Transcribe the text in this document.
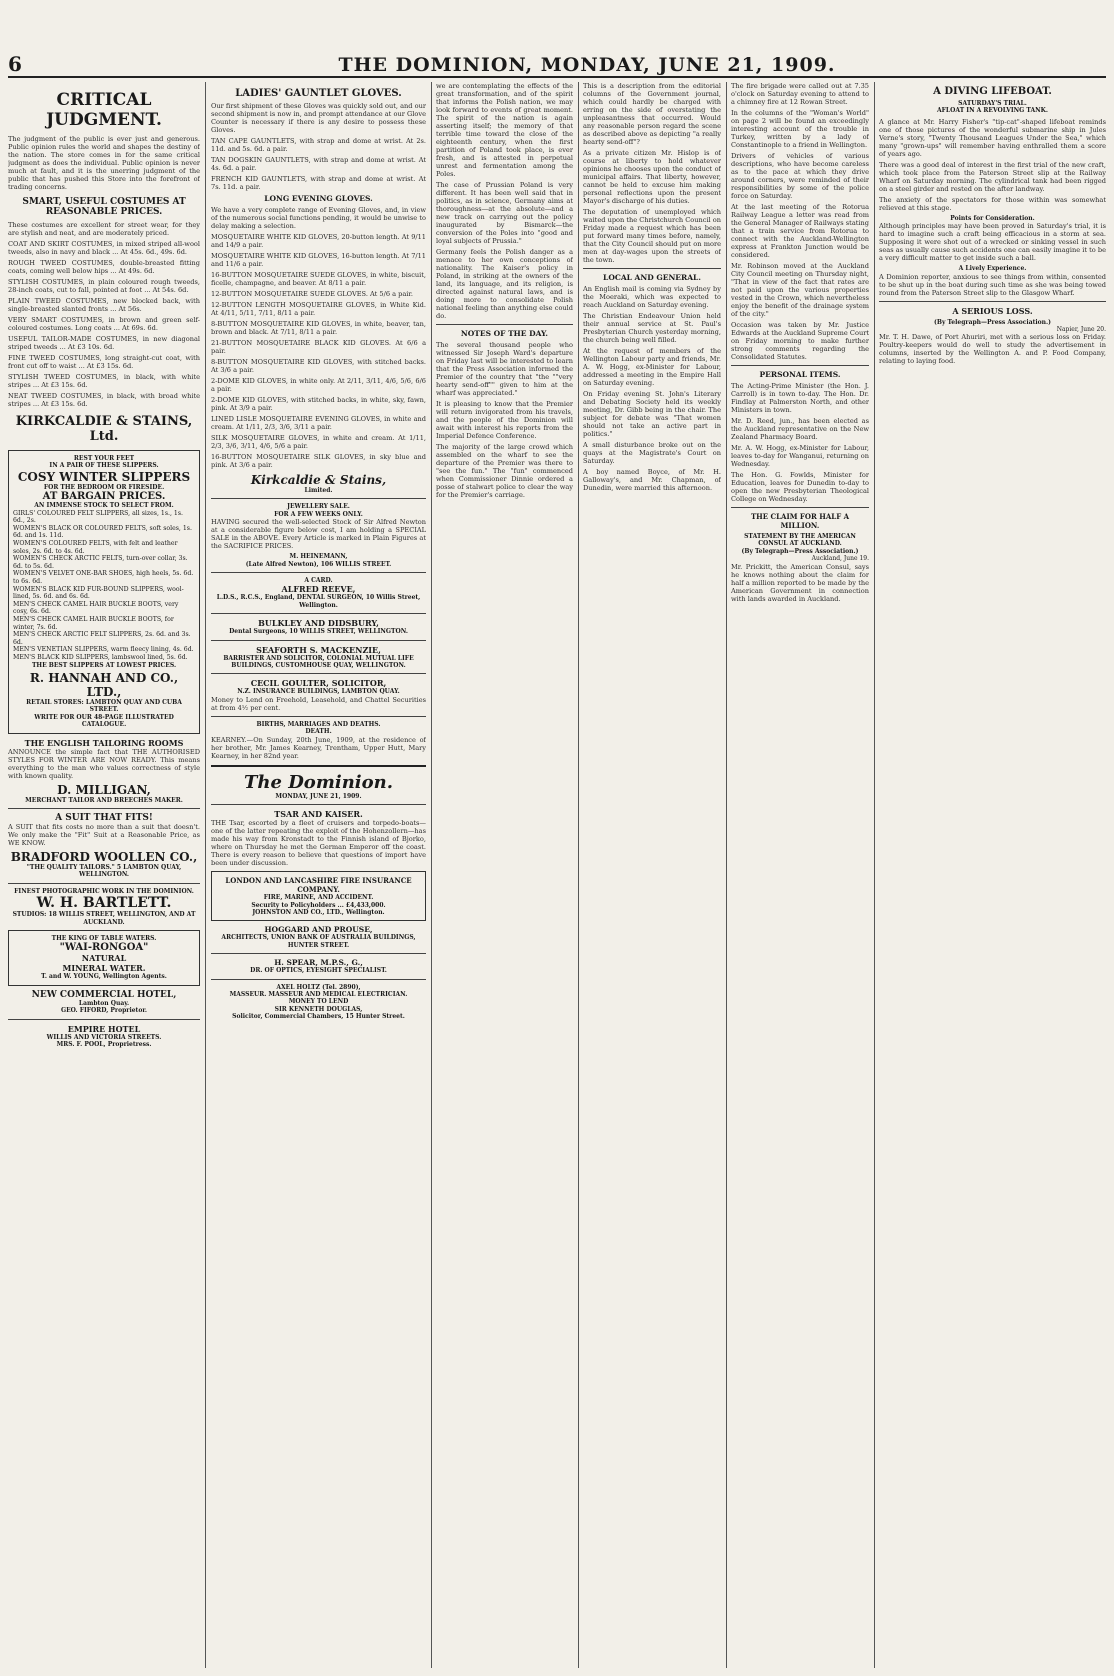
6	THE DOMINION, MONDAY, JUNE 21, 1909.
CRITICAL JUDGMENT.

The judgment of the public is ever just and generous. Public opinion rules the world and shapes the destiny of the nation. The store comes in for the same critical judgment as does the individual. Public opinion is never much at fault, and it is the unerring judgment of the public that has pushed this Store into the forefront of trading concerns.

SMART, USEFUL COSTUMES AT
REASONABLE PRICES.

These costumes are excellent for street wear, for they are stylish and neat, and are moderately priced.

COAT AND SKIRT COSTUMES, in mixed striped all-wool tweeds, also in navy and black ... At 45s. 6d., 49s. 6d.

ROUGH TWEED COSTUMES, double-breasted fitting coats, coming well below hips ... At 49s. 6d.

STYLISH COSTUMES, in plain coloured rough tweeds, 28-inch coats, cut to fall, pointed at foot ... At 54s. 6d.

PLAIN TWEED COSTUMES, new blocked back, with single-breasted slanted fronts ... At 56s.

VERY SMART COSTUMES, in brown and green self-coloured costumes. Long coats ... At 69s. 6d.

USEFUL TAILOR-MADE COSTUMES, in new diagonal striped tweeds ... At £3 10s. 6d.

FINE TWEED COSTUMES, long straight-cut coat, with front cut off to waist ... At £3 15s. 6d.

STYLISH TWEED COSTUMES, in black, with white stripes ... At £3 15s. 6d.

NEAT TWEED COSTUMES, in black, with broad white stripes ... At £3 15s. 6d.

KIRKCALDIE & STAINS, Ltd.
REST YOUR FEET
IN A PAIR OF THESE SLIPPERS.
COSY WINTER SLIPPERS
FOR THE BEDROOM OR FIRESIDE.
AT BARGAIN PRICES.
AN IMMENSE STOCK TO SELECT FROM.

GIRLS' COLOURED FELT SLIPPERS, all sizes, 1s., 1s. 6d., 2s.

WOMEN'S BLACK OR COLOURED FELTS, soft soles, 1s. 6d. and 1s. 11d.

WOMEN'S COLOURED FELTS, with felt and leather soles, 2s. 6d. to 4s. 6d.

WOMEN'S CHECK ARCTIC FELTS, turn-over collar, 3s. 6d. to 5s. 6d.

WOMEN'S VELVET ONE-BAR SHOES, high heels, 5s. 6d. to 6s. 6d.

WOMEN'S BLACK KID FUR-BOUND SLIPPERS, wool-lined, 5s. 6d. and 6s. 6d.

MEN'S CHECK CAMEL HAIR BUCKLE BOOTS, very cosy, 6s. 6d.

MEN'S CHECK CAMEL HAIR BUCKLE BOOTS, for winter, 7s. 6d.

MEN'S CHECK ARCTIC FELT SLIPPERS, 2s. 6d. and 3s. 6d.

MEN'S VENETIAN SLIPPERS, warm fleecy lining, 4s. 6d.

MEN'S BLACK KID SLIPPERS, lambswool lined, 5s. 6d.

THE BEST SLIPPERS AT LOWEST PRICES.
R. HANNAH AND CO., LTD.,
RETAIL STORES: LAMBTON QUAY AND CUBA STREET.
WRITE FOR OUR 48-PAGE ILLUSTRATED CATALOGUE.
THE ENGLISH TAILORING ROOMS

ANNOUNCE the simple fact that THE AUTHORISED STYLES FOR WINTER ARE NOW READY. This means everything to the man who values correctness of style with known quality.

D. MILLIGAN,
MERCHANT TAILOR AND BREECHES MAKER.
A SUIT THAT FITS!

A SUIT that fits costs no more than a suit that doesn't. We only make the "Fit" Suit at a Reasonable Price, as WE KNOW.

BRADFORD WOOLLEN CO.,
"THE QUALITY TAILORS." 5 LAMBTON QUAY, WELLINGTON.
FINEST PHOTOGRAPHIC WORK IN THE DOMINION.
W. H. BARTLETT.
STUDIOS: 18 WILLIS STREET, WELLINGTON, AND AT AUCKLAND.
THE KING OF TABLE WATERS.
"WAI-RONGOA"
NATURAL
MINERAL WATER.
T. and W. YOUNG, Wellington Agents.
NEW COMMERCIAL HOTEL,
Lambton Quay.
GEO. FIFORD, Proprietor.
EMPIRE HOTEL
WILLIS AND VICTORIA STREETS.
MRS. F. POOL, Proprietress.
LADIES' GAUNTLET GLOVES.

Our first shipment of these Gloves was quickly sold out, and our second shipment is now in, and prompt attendance at our Glove Counter is necessary if there is any desire to possess these Gloves.

TAN CAPE GAUNTLETS, with strap and dome at wrist. At 2s. 11d. and 5s. 6d. a pair.

TAN DOGSKIN GAUNTLETS, with strap and dome at wrist. At 4s. 6d. a pair.

FRENCH KID GAUNTLETS, with strap and dome at wrist. At 7s. 11d. a pair.

LONG EVENING GLOVES.

We have a very complete range of Evening Gloves, and, in view of the numerous social functions pending, it would be unwise to delay making a selection.

MOSQUETAIRE WHITE KID GLOVES, 20-button length. At 9/11 and 14/9 a pair.

MOSQUETAIRE WHITE KID GLOVES, 16-button length. At 7/11 and 11/6 a pair.

16-BUTTON MOSQUETAIRE SUEDE GLOVES, in white, biscuit, ficelle, champagne, and beaver. At 8/11 a pair.

12-BUTTON MOSQUETAIRE SUEDE GLOVES. At 5/6 a pair.

12-BUTTON LENGTH MOSQUETAIRE GLOVES, in White Kid. At 4/11, 5/11, 7/11, 8/11 a pair.

8-BUTTON MOSQUETAIRE KID GLOVES, in white, beaver, tan, brown and black. At 7/11, 8/11 a pair.

21-BUTTON MOSQUETAIRE BLACK KID GLOVES. At 6/6 a pair.

8-BUTTON MOSQUETAIRE KID GLOVES, with stitched backs. At 3/6 a pair.

2-DOME KID GLOVES, in white only. At 2/11, 3/11, 4/6, 5/6, 6/6 a pair.

2-DOME KID GLOVES, with stitched backs, in white, sky, fawn, pink. At 3/9 a pair.

LINED LISLE MOSQUETAIRE EVENING GLOVES, in white and cream. At 1/11, 2/3, 3/6, 3/11 a pair.

SILK MOSQUETAIRE GLOVES, in white and cream. At 1/11, 2/3, 3/6, 3/11, 4/6, 5/6 a pair.

16-BUTTON MOSQUETAIRE SILK GLOVES, in sky blue and pink. At 3/6 a pair.

Kirkcaldie & Stains,
Limited.
JEWELLERY SALE.
FOR A FEW WEEKS ONLY.

HAVING secured the well-selected Stock of Sir Alfred Newton at a considerable figure below cost, I am holding a SPECIAL SALE in the ABOVE. Every Article is marked in Plain Figures at the SACRIFICE PRICES.

M. HEINEMANN,
(Late Alfred Newton), 106 WILLIS STREET.
A CARD.
ALFRED REEVE,
L.D.S., R.C.S., England, DENTAL SURGEON, 10 Willis Street, Wellington.
BULKLEY AND DIDSBURY,
Dental Surgeons, 10 WILLIS STREET, WELLINGTON.
SEAFORTH S. MACKENZIE,
BARRISTER AND SOLICITOR, COLONIAL MUTUAL LIFE BUILDINGS, CUSTOMHOUSE QUAY, WELLINGTON.
CECIL GOULTER, SOLICITOR,
N.Z. INSURANCE BUILDINGS, LAMBTON QUAY.

Money to Lend on Freehold, Leasehold, and Chattel Securities at from 4½ per cent.

BIRTHS, MARRIAGES AND DEATHS.
DEATH.

KEARNEY.—On Sunday, 20th June, 1909, at the residence of her brother, Mr. James Kearney, Trentham, Upper Hutt, Mary Kearney, in her 82nd year.

The Dominion.
MONDAY, JUNE 21, 1909.
TSAR AND KAISER.

THE Tsar, escorted by a fleet of cruisers and torpedo-boats—one of the latter repeating the exploit of the Hohenzollern—has made his way from Kronstadt to the Finnish island of Bjorko, where on Thursday he met the German Emperor off the coast. There is every reason to believe that questions of import have been under discussion.

LONDON AND LANCASHIRE FIRE INSURANCE COMPANY.
FIRE, MARINE, AND ACCIDENT.
Security to Policyholders ... £4,433,000.
JOHNSTON AND CO., LTD., Wellington.
HOGGARD AND PROUSE,
ARCHITECTS, UNION BANK OF AUSTRALIA BUILDINGS, HUNTER STREET.
H. SPEAR, M.P.S., G.,
DR. OF OPTICS, EYESIGHT SPECIALIST.
AXEL HOLTZ (Tel. 2890),
MASSEUR. MASSEUR AND MEDICAL ELECTRICIAN.
MONEY TO LEND
SIR KENNETH DOUGLAS,
Solicitor, Commercial Chambers, 15 Hunter Street.

we are contemplating the effects of the great transformation, and of the spirit that informs the Polish nation, we may look forward to events of great moment. The spirit of the nation is again asserting itself; the memory of that terrible time toward the close of the eighteenth century, when the first partition of Poland took place, is ever fresh, and is attested in perpetual unrest and fermentation among the Poles.

The case of Prussian Poland is very different. It has been well said that in politics, as in science, Germany aims at thoroughness—at the absolute—and a new track on carrying out the policy inaugurated by Bismarck—the conversion of the Poles into "good and loyal subjects of Prussia."

Germany feels the Polish danger as a menace to her own conceptions of nationality. The Kaiser's policy in Poland, in striking at the owners of the land, its language, and its religion, is directed against natural laws, and is doing more to consolidate Polish national feeling than anything else could do.

NOTES OF THE DAY.

The several thousand people who witnessed Sir Joseph Ward's departure on Friday last will be interested to learn that the Press Association informed the Premier of the country that "the ""very hearty send-off"" given to him at the wharf was appreciated."

It is pleasing to know that the Premier will return invigorated from his travels, and the people of the Dominion will await with interest his reports from the Imperial Defence Conference.

The majority of the large crowd which assembled on the wharf to see the departure of the Premier was there to "see the fun." The "fun" commenced when Commissioner Dinnie ordered a posse of stalwart police to clear the way for the Premier's carriage.

This is a description from the editorial columns of the Government journal, which could hardly be charged with erring on the side of overstating the unpleasantness that occurred. Would any reasonable person regard the scene as described above as depicting "a really hearty send-off"?

As a private citizen Mr. Hislop is of course at liberty to hold whatever opinions he chooses upon the conduct of municipal affairs. That liberty, however, cannot be held to excuse him making personal reflections upon the present Mayor's discharge of his duties.

The deputation of unemployed which waited upon the Christchurch Council on Friday made a request which has been put forward many times before, namely, that the City Council should put on more men at day-wages upon the streets of the town.

LOCAL AND GENERAL.

An English mail is coming via Sydney by the Moeraki, which was expected to reach Auckland on Saturday evening.

The Christian Endeavour Union held their annual service at St. Paul's Presbyterian Church yesterday morning, the church being well filled.

At the request of members of the Wellington Labour party and friends, Mr. A. W. Hogg, ex-Minister for Labour, addressed a meeting in the Empire Hall on Saturday evening.

On Friday evening St. John's Literary and Debating Society held its weekly meeting, Dr. Gibb being in the chair. The subject for debate was "That women should not take an active part in politics."

A small disturbance broke out on the quays at the Magistrate's Court on Saturday.

A boy named Boyce, of Mr. H. Galloway's, and Mr. Chapman, of Dunedin, were married this afternoon.

The fire brigade were called out at 7.35 o'clock on Saturday evening to attend to a chimney fire at 12 Rowan Street.

In the columns of the "Woman's World" on page 2 will be found an exceedingly interesting account of the trouble in Turkey, written by a lady of Constantinople to a friend in Wellington.

Drivers of vehicles of various descriptions, who have become careless as to the pace at which they drive around corners, were reminded of their responsibilities by some of the police force on Saturday.

At the last meeting of the Rotorua Railway League a letter was read from the General Manager of Railways stating that a train service from Rotorua to connect with the Auckland-Wellington express at Frankton Junction would be considered.

Mr. Robinson moved at the Auckland City Council meeting on Thursday night, "That in view of the fact that rates are not paid upon the various properties vested in the Crown, which nevertheless enjoy the benefit of the drainage system of the city."

Occasion was taken by Mr. Justice Edwards at the Auckland Supreme Court on Friday morning to make further strong comments regarding the Consolidated Statutes.

PERSONAL ITEMS.

The Acting-Prime Minister (the Hon. J. Carroll) is in town to-day. The Hon. Dr. Findlay at Palmerston North, and other Ministers in town.

Mr. D. Reed, jun., has been elected as the Auckland representative on the New Zealand Pharmacy Board.

Mr. A. W. Hogg, ex-Minister for Labour, leaves to-day for Wanganui, returning on Wednesday.

The Hon. G. Fowlds, Minister for Education, leaves for Dunedin to-day to open the new Presbyterian Theological College on Wednesday.

THE CLAIM FOR HALF A MILLION.
STATEMENT BY THE AMERICAN CONSUL AT AUCKLAND.
(By Telegraph—Press Association.)
Auckland, June 19.

Mr. Prickitt, the American Consul, says he knows nothing about the claim for half a million reported to be made by the American Government in connection with lands awarded in Auckland.

A DIVING LIFEBOAT.
SATURDAY'S TRIAL.
AFLOAT IN A REVOLVING TANK.

A glance at Mr. Harry Fisher's "tip-cat"-shaped lifeboat reminds one of those pictures of the wonderful submarine ship in Jules Verne's story, "Twenty Thousand Leagues Under the Sea," which many "grown-ups" will remember having enthralled them a score of years ago.

There was a good deal of interest in the first trial of the new craft, which took place from the Paterson Street slip at the Railway Wharf on Saturday morning. The cylindrical tank had been rigged on a steel girder and rested on the after landway.

The anxiety of the spectators for those within was somewhat relieved at this stage.

Points for Consideration.

Although principles may have been proved in Saturday's trial, it is hard to imagine such a craft being efficacious in a storm at sea. Supposing it were shot out of a wrecked or sinking vessel in such seas as usually cause such accidents one can easily imagine it to be a very difficult matter to get inside such a ball.

A Lively Experience.

A Dominion reporter, anxious to see things from within, consented to be shut up in the boat during such time as she was being towed round from the Paterson Street slip to the Glasgow Wharf.

A SERIOUS LOSS.
(By Telegraph—Press Association.)
Napier, June 20.

Mr. T. H. Dawe, of Port Ahuriri, met with a serious loss on Friday. Poultry-keepers would do well to study the advertisement in columns, inserted by the Wellington A. and P. Food Company, relating to laying food.
